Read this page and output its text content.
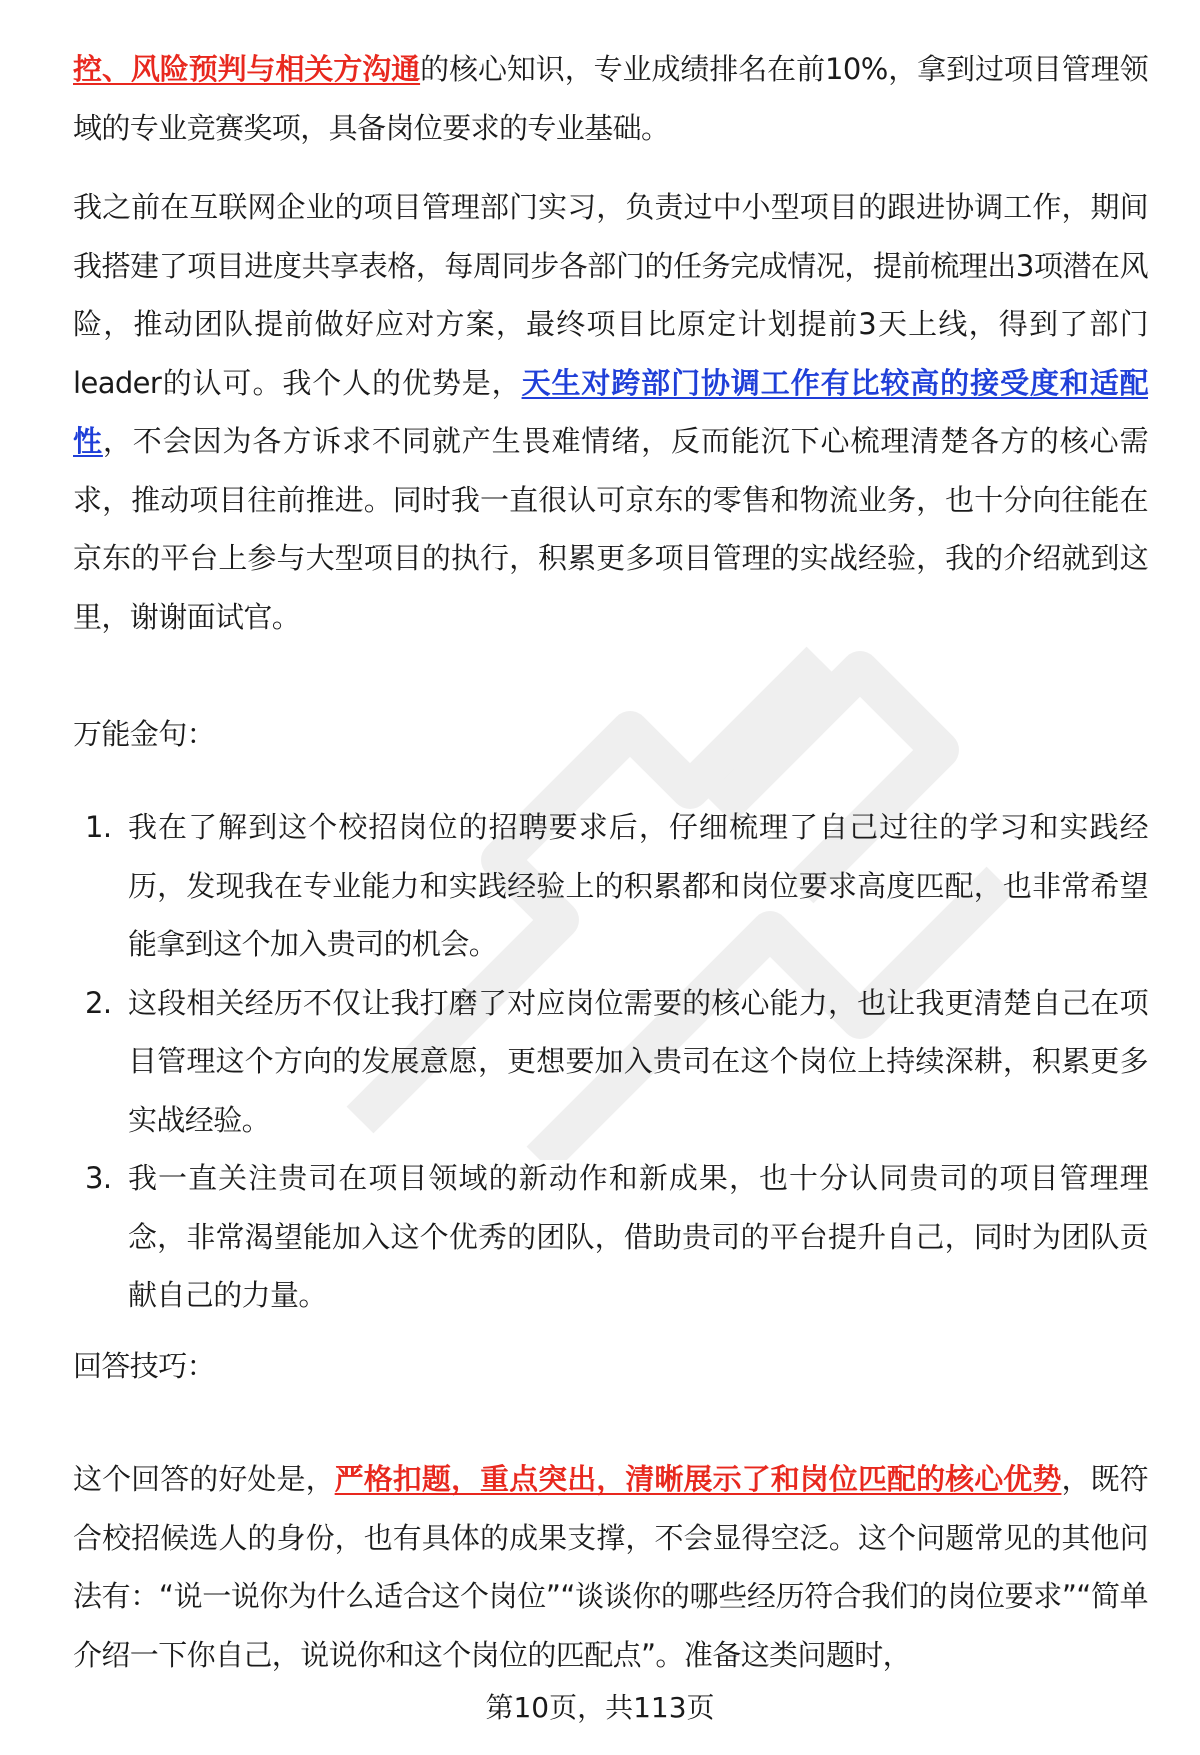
控、风险预判与相关方沟通的核心知识，专业成绩排名在前10%，拿到过项目管理领域的专业竞赛奖项，具备岗位要求的专业基础。

我之前在互联网企业的项目管理部门实习，负责过中小型项目的跟进协调工作，期间我搭建了项目进度共享表格，每周同步各部门的任务完成情况，提前梳理出3项潜在风险，推动团队提前做好应对方案，最终项目比原定计划提前3天上线，得到了部门leader的认可。我个人的优势是，天生对跨部门协调工作有比较高的接受度和适配性，不会因为各方诉求不同就产生畏难情绪，反而能沉下心梳理清楚各方的核心需求，推动项目往前推进。同时我一直很认可京东的零售和物流业务，也十分向往能在京东的平台上参与大型项目的执行，积累更多项目管理的实战经验，我的介绍就到这里，谢谢面试官。

万能金句：

1. 我在了解到这个校招岗位的招聘要求后，仔细梳理了自己过往的学习和实践经历，发现我在专业能力和实践经验上的积累都和岗位要求高度匹配，也非常希望能拿到这个加入贵司的机会。
2. 这段相关经历不仅让我打磨了对应岗位需要的核心能力，也让我更清楚自己在项目管理这个方向的发展意愿，更想要加入贵司在这个岗位上持续深耕，积累更多实战经验。
3. 我一直关注贵司在项目领域的新动作和新成果，也十分认同贵司的项目管理理念，非常渴望能加入这个优秀的团队，借助贵司的平台提升自己，同时为团队贡献自己的力量。

回答技巧：

这个回答的好处是，严格扣题，重点突出，清晰展示了和岗位匹配的核心优势，既符合校招候选人的身份，也有具体的成果支撑，不会显得空泛。这个问题常见的其他问法有：“说一说你为什么适合这个岗位”“谈谈你的哪些经历符合我们的岗位要求”“简单介绍一下你自己，说说你和这个岗位的匹配点”。准备这类问题时，

第10页，共113页
